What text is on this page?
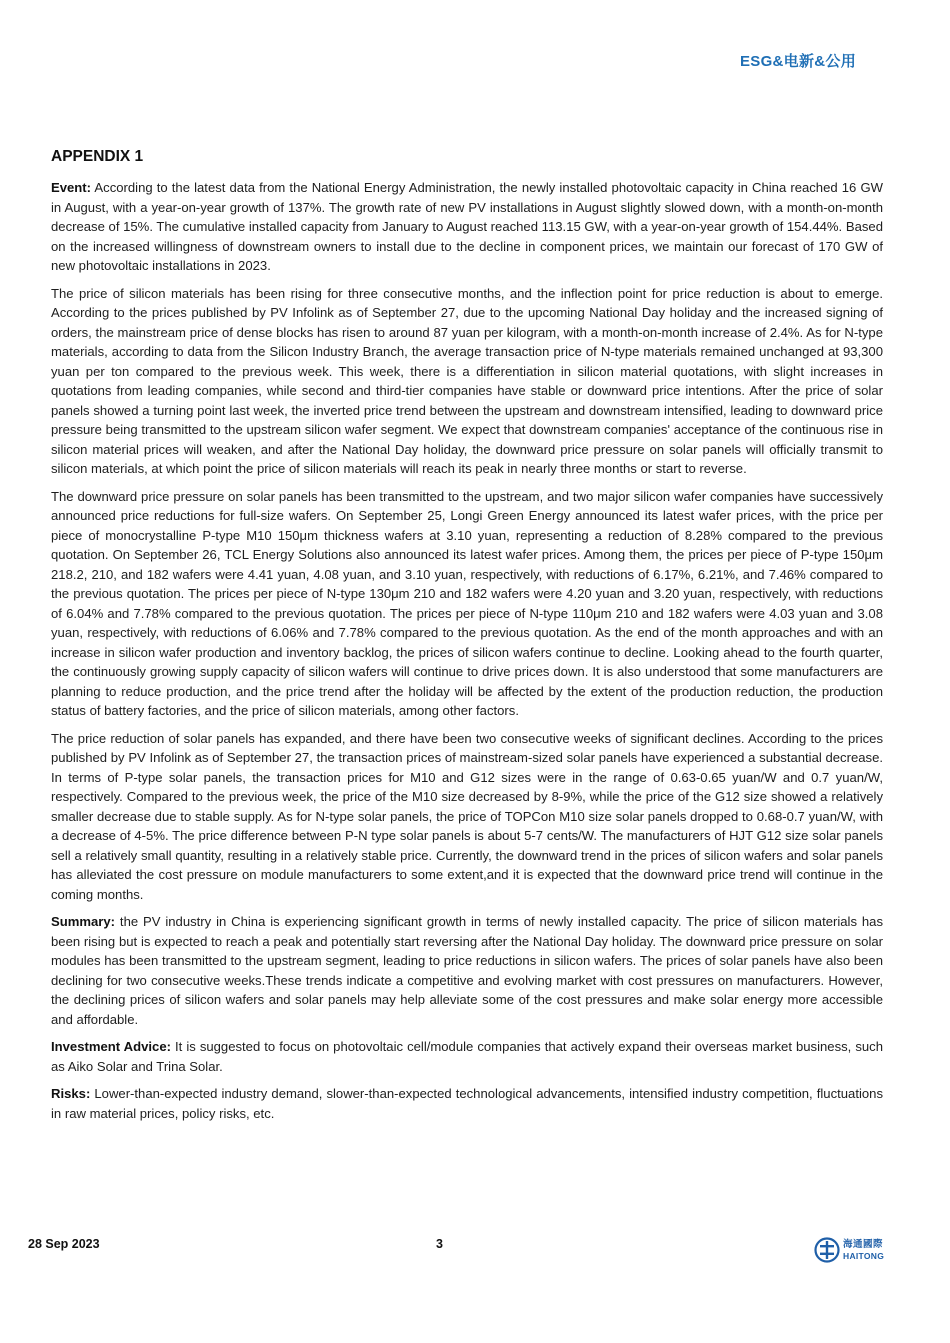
ESG&电新&公用
APPENDIX 1

Event: According to the latest data from the National Energy Administration, the newly installed photovoltaic capacity in China reached 16 GW in August, with a year-on-year growth of 137%. The growth rate of new PV installations in August slightly slowed down, with a month-on-month decrease of 15%. The cumulative installed capacity from January to August reached 113.15 GW, with a year-on-year growth of 154.44%. Based on the increased willingness of downstream owners to install due to the decline in component prices, we maintain our forecast of 170 GW of new photovoltaic installations in 2023.

The price of silicon materials has been rising for three consecutive months, and the inflection point for price reduction is about to emerge. According to the prices published by PV Infolink as of September 27, due to the upcoming National Day holiday and the increased signing of orders, the mainstream price of dense blocks has risen to around 87 yuan per kilogram, with a month-on-month increase of 2.4%. As for N-type materials, according to data from the Silicon Industry Branch, the average transaction price of N-type materials remained unchanged at 93,300 yuan per ton compared to the previous week. This week, there is a differentiation in silicon material quotations, with slight increases in quotations from leading companies, while second and third-tier companies have stable or downward price intentions. After the price of solar panels showed a turning point last week, the inverted price trend between the upstream and downstream intensified, leading to downward price pressure being transmitted to the upstream silicon wafer segment. We expect that downstream companies' acceptance of the continuous rise in silicon material prices will weaken, and after the National Day holiday, the downward price pressure on solar panels will officially transmit to silicon materials, at which point the price of silicon materials will reach its peak in nearly three months or start to reverse.

The downward price pressure on solar panels has been transmitted to the upstream, and two major silicon wafer companies have successively announced price reductions for full-size wafers. On September 25, Longi Green Energy announced its latest wafer prices, with the price per piece of monocrystalline P-type M10 150μm thickness wafers at 3.10 yuan, representing a reduction of 8.28% compared to the previous quotation. On September 26, TCL Energy Solutions also announced its latest wafer prices. Among them, the prices per piece of P-type 150μm 218.2, 210, and 182 wafers were 4.41 yuan, 4.08 yuan, and 3.10 yuan, respectively, with reductions of 6.17%, 6.21%, and 7.46% compared to the previous quotation. The prices per piece of N-type 130μm 210 and 182 wafers were 4.20 yuan and 3.20 yuan, respectively, with reductions of 6.04% and 7.78% compared to the previous quotation. The prices per piece of N-type 110μm 210 and 182 wafers were 4.03 yuan and 3.08 yuan, respectively, with reductions of 6.06% and 7.78% compared to the previous quotation. As the end of the month approaches and with an increase in silicon wafer production and inventory backlog, the prices of silicon wafers continue to decline. Looking ahead to the fourth quarter, the continuously growing supply capacity of silicon wafers will continue to drive prices down. It is also understood that some manufacturers are planning to reduce production, and the price trend after the holiday will be affected by the extent of the production reduction, the production status of battery factories, and the price of silicon materials, among other factors.

The price reduction of solar panels has expanded, and there have been two consecutive weeks of significant declines. According to the prices published by PV Infolink as of September 27, the transaction prices of mainstream-sized solar panels have experienced a substantial decrease. In terms of P-type solar panels, the transaction prices for M10 and G12 sizes were in the range of 0.63-0.65 yuan/W and 0.7 yuan/W, respectively. Compared to the previous week, the price of the M10 size decreased by 8-9%, while the price of the G12 size showed a relatively smaller decrease due to stable supply. As for N-type solar panels, the price of TOPCon M10 size solar panels dropped to 0.68-0.7 yuan/W, with a decrease of 4-5%. The price difference between P-N type solar panels is about 5-7 cents/W. The manufacturers of HJT G12 size solar panels sell a relatively small quantity, resulting in a relatively stable price. Currently, the downward trend in the prices of silicon wafers and solar panels has alleviated the cost pressure on module manufacturers to some extent,and it is expected that the downward price trend will continue in the coming months.

Summary: the PV industry in China is experiencing significant growth in terms of newly installed capacity. The price of silicon materials has been rising but is expected to reach a peak and potentially start reversing after the National Day holiday. The downward price pressure on solar modules has been transmitted to the upstream segment, leading to price reductions in silicon wafers. The prices of solar panels have also been declining for two consecutive weeks.These trends indicate a competitive and evolving market with cost pressures on manufacturers. However, the declining prices of silicon wafers and solar panels may help alleviate some of the cost pressures and make solar energy more accessible and affordable.

Investment Advice: It is suggested to focus on photovoltaic cell/module companies that actively expand their overseas market business, such as Aiko Solar and Trina Solar.

Risks: Lower-than-expected industry demand, slower-than-expected technological advancements, intensified industry competition, fluctuations in raw material prices, policy risks, etc.

28 Sep 2023	3	海通國際
HAITONG
